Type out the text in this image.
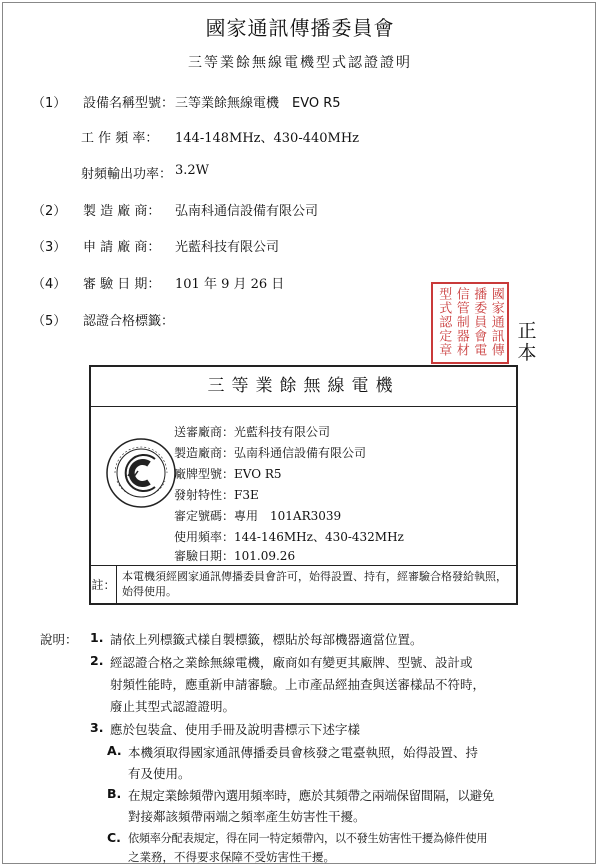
國家通訊傳播委員會
三等業餘無線電機型式認證證明
（1） 設備名稱型號： 三等業餘無線電機　EVO R5
工 作 頻 率： 144-148MHz、430-440MHz
射頻輸出功率： 3.2W
（2） 製 造 廠 商： 弘南科通信設備有限公司
（3） 申 請 廠 商： 光藍科技有限公司
（4） 審 驗 日 期： 101 年 9 月 26 日
（5） 認證合格標籤：	國家通訊傳
播委員會電
信管制器材
型式認定章	正本
三等業餘無線電機
送審廠商：光藍科技有限公司
製造廠商：弘南科通信設備有限公司
廠牌型號：EVO R5
發射特性：F3E
審定號碼：專用　101AR3039
使用頻率：144-146MHz、430-432MHz
審驗日期：101.09.26
註：
本電機須經國家通訊傳播委員會許可，始得設置、持有，經審驗合格發給執照，始得使用。
說明： 1. 請依上列標籤式樣自製標籤，標貼於每部機器適當位置。
2. 經認證合格之業餘無線電機，廠商如有變更其廠牌、型號、設計或
射頻性能時，應重新申請審驗。上市產品經抽查與送審樣品不符時，
廢止其型式認證證明。
3. 應於包裝盒、使用手冊及說明書標示下述字樣
A. 本機須取得國家通訊傳播委員會核發之電臺執照，始得設置、持
有及使用。
B. 在規定業餘頻帶內選用頻率時，應於其頻帶之兩端保留間隔，以避免
對接鄰該頻帶兩端之頻率產生妨害性干擾。
C. 依頻率分配表規定，得在同一特定頻帶內，以不發生妨害性干擾為條件使用
之業務，不得要求保障不受妨害性干擾。
